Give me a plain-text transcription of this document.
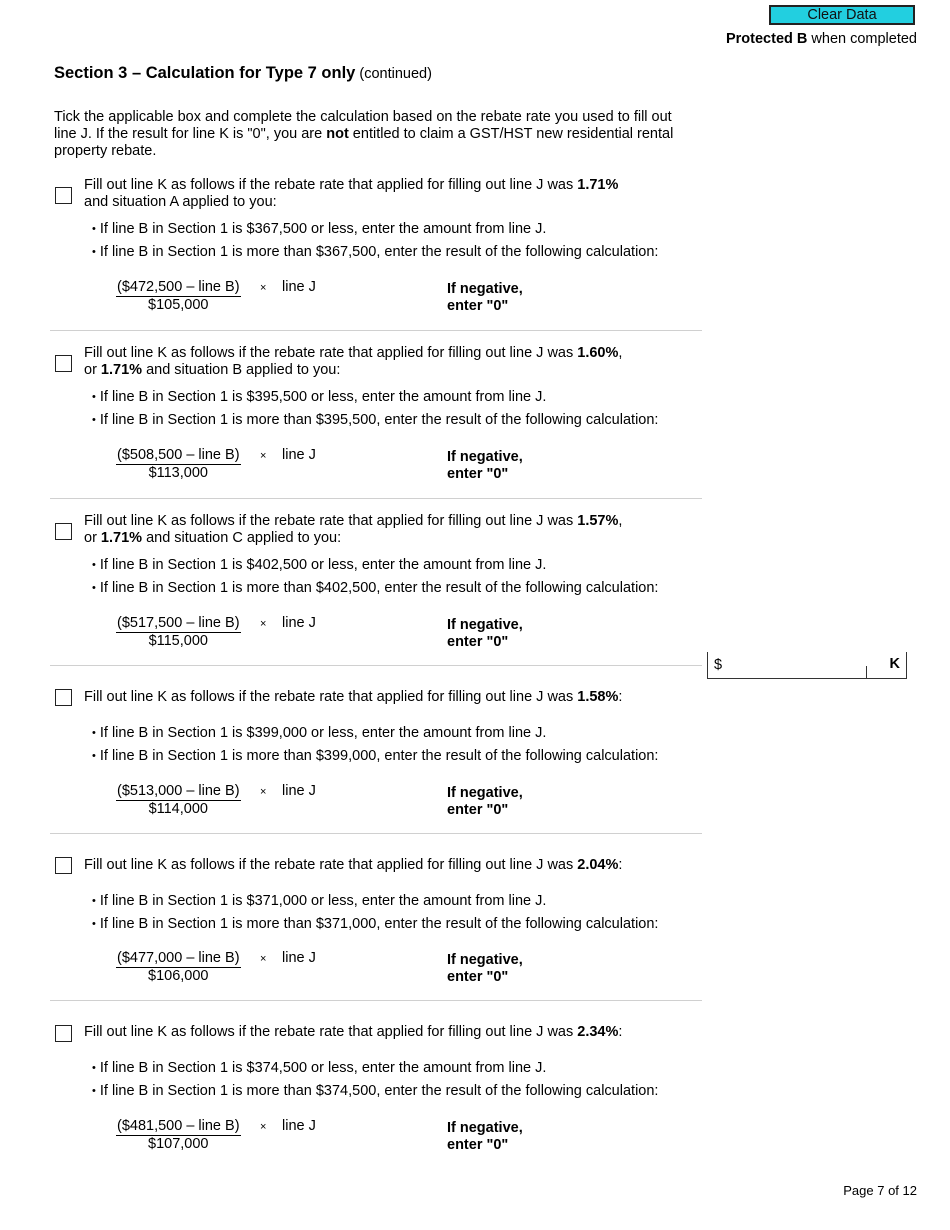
Clear Data
Protected B when completed
Section 3 – Calculation for Type 7 only (continued)
Tick the applicable box and complete the calculation based on the rebate rate you used to fill out line J. If the result for line K is "0", you are not entitled to claim a GST/HST new residential rental property rebate.
Fill out line K as follows if the rebate rate that applied for filling out line J was 1.71%
and situation A applied to you:
• If line B in Section 1 is $367,500 or less, enter the amount from line J.
• If line B in Section 1 is more than $367,500, enter the result of the following calculation:
($472,500 – line B)
$105,000
× line J	If negative,
enter "0"
Fill out line K as follows if the rebate rate that applied for filling out line J was 1.60%,
or 1.71% and situation B applied to you:
• If line B in Section 1 is $395,500 or less, enter the amount from line J.
• If line B in Section 1 is more than $395,500, enter the result of the following calculation:
($508,500 – line B)
$113,000
× line J	If negative,
enter "0"
Fill out line K as follows if the rebate rate that applied for filling out line J was 1.57%,
or 1.71% and situation C applied to you:
• If line B in Section 1 is $402,500 or less, enter the amount from line J.
• If line B in Section 1 is more than $402,500, enter the result of the following calculation:
($517,500 – line B)
$115,000
× line J	If negative,
enter "0"
$	K
Fill out line K as follows if the rebate rate that applied for filling out line J was 1.58%:
• If line B in Section 1 is $399,000 or less, enter the amount from line J.
• If line B in Section 1 is more than $399,000, enter the result of the following calculation:
($513,000 – line B)
$114,000
× line J	If negative,
enter "0"
Fill out line K as follows if the rebate rate that applied for filling out line J was 2.04%:
• If line B in Section 1 is $371,000 or less, enter the amount from line J.
• If line B in Section 1 is more than $371,000, enter the result of the following calculation:
($477,000 – line B)
$106,000
× line J	If negative,
enter "0"
Fill out line K as follows if the rebate rate that applied for filling out line J was 2.34%:
• If line B in Section 1 is $374,500 or less, enter the amount from line J.
• If line B in Section 1 is more than $374,500, enter the result of the following calculation:
($481,500 – line B)
$107,000
× line J	If negative,
enter "0"
Page 7 of 12
